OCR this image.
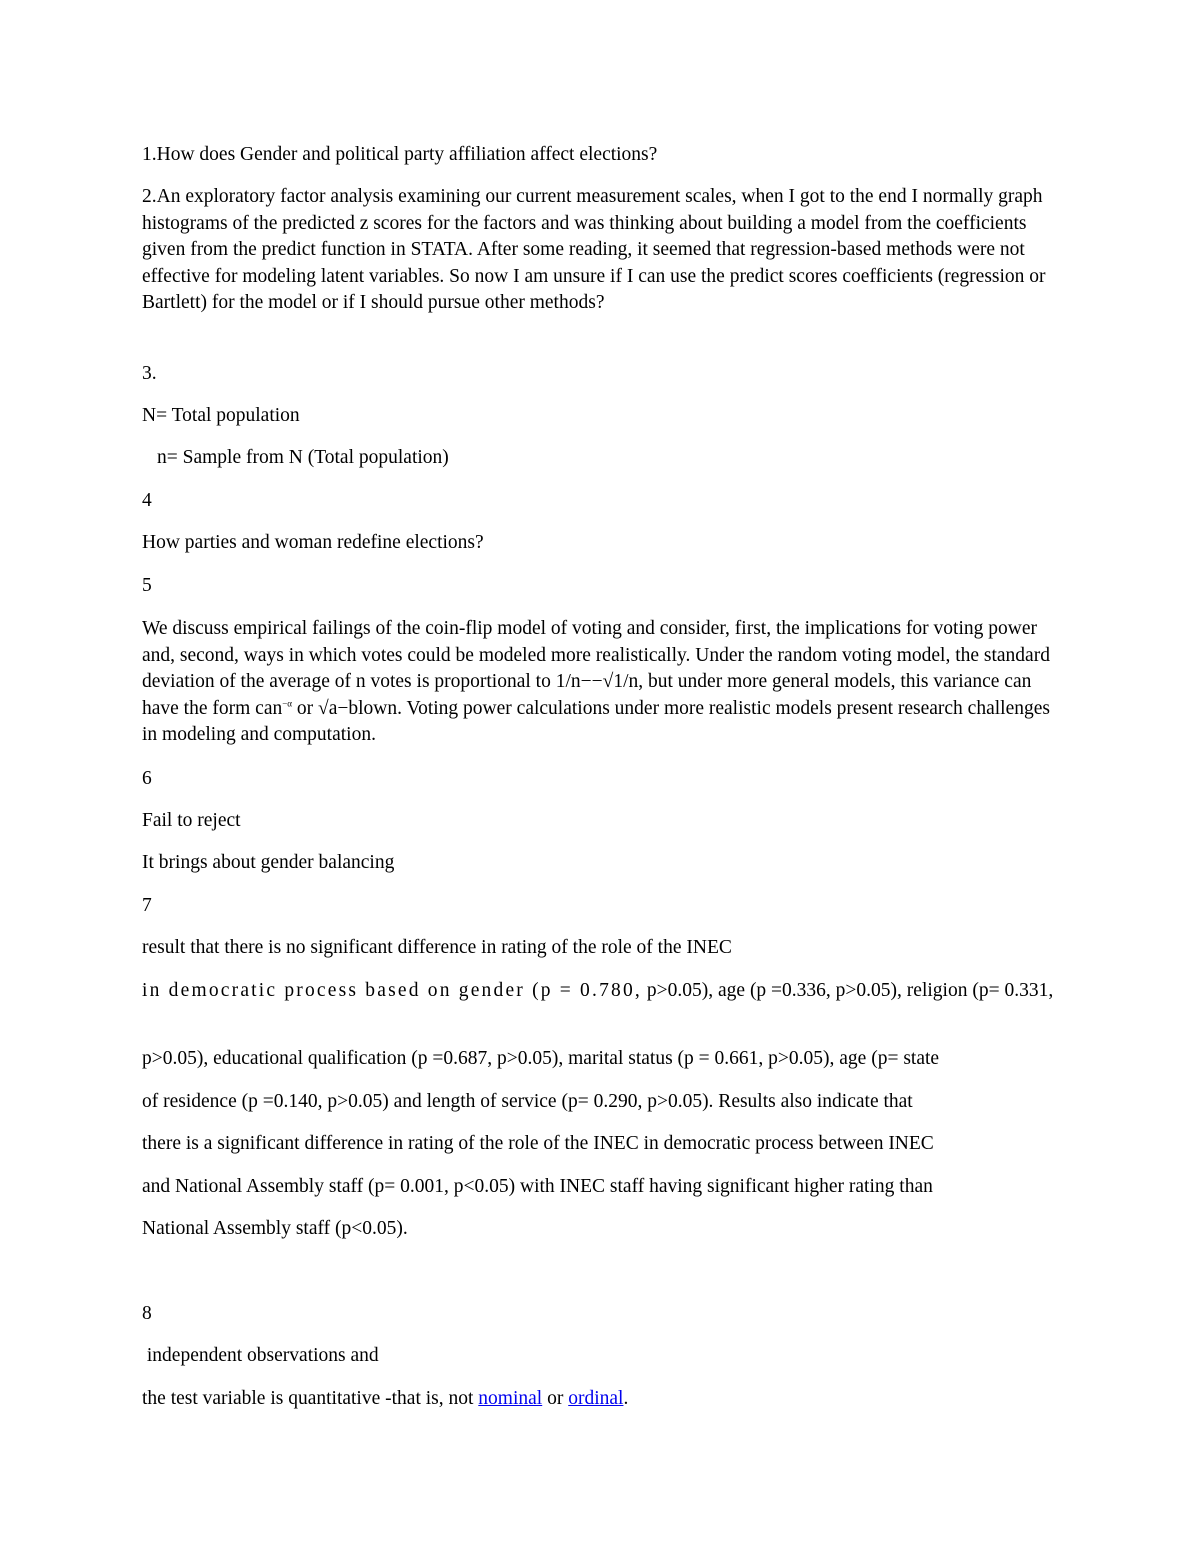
1.How does Gender and political party affiliation affect elections?

2.An exploratory factor analysis examining our current measurement scales, when I got to the end I normally graph histograms of the predicted z scores for the factors and was thinking about building a model from the coefficients given from the predict function in STATA. After some reading, it seemed that regression-based methods were not effective for modeling latent variables. So now I am unsure if I can use the predict scores coefficients (regression or Bartlett) for the model or if I should pursue other methods?

3.

N= Total population

n= Sample from N (Total population)

4

How parties and woman redefine elections?

5

We discuss empirical failings of the coin-flip model of voting and consider, first, the implications for voting power and, second, ways in which votes could be modeled more realistically. Under the random voting model, the standard deviation of the average of n votes is proportional to 1/n−−√1/n, but under more general models, this variance can have the form can$^{-\alpha}$ or √a−blown. Voting power calculations under more realistic models present research challenges in modeling and computation.

6

Fail to reject

It brings about gender balancing

7

result that there is no significant difference in rating of the role of the INEC

in democratic process based on gender (p = 0.780, p>0.05), age (p =0.336, p>0.05), religion (p= 0.331,

p>0.05), educational qualification (p =0.687, p>0.05), marital status (p = 0.661, p>0.05), age (p= state

of residence (p =0.140, p>0.05) and length of service (p= 0.290, p>0.05). Results also indicate that

there is a significant difference in rating of the role of the INEC in democratic process between INEC

and National Assembly staff (p= 0.001, p<0.05) with INEC staff having significant higher rating than

National Assembly staff (p<0.05).

8

independent observations and

the test variable is quantitative -that is, not nominal or ordinal.
